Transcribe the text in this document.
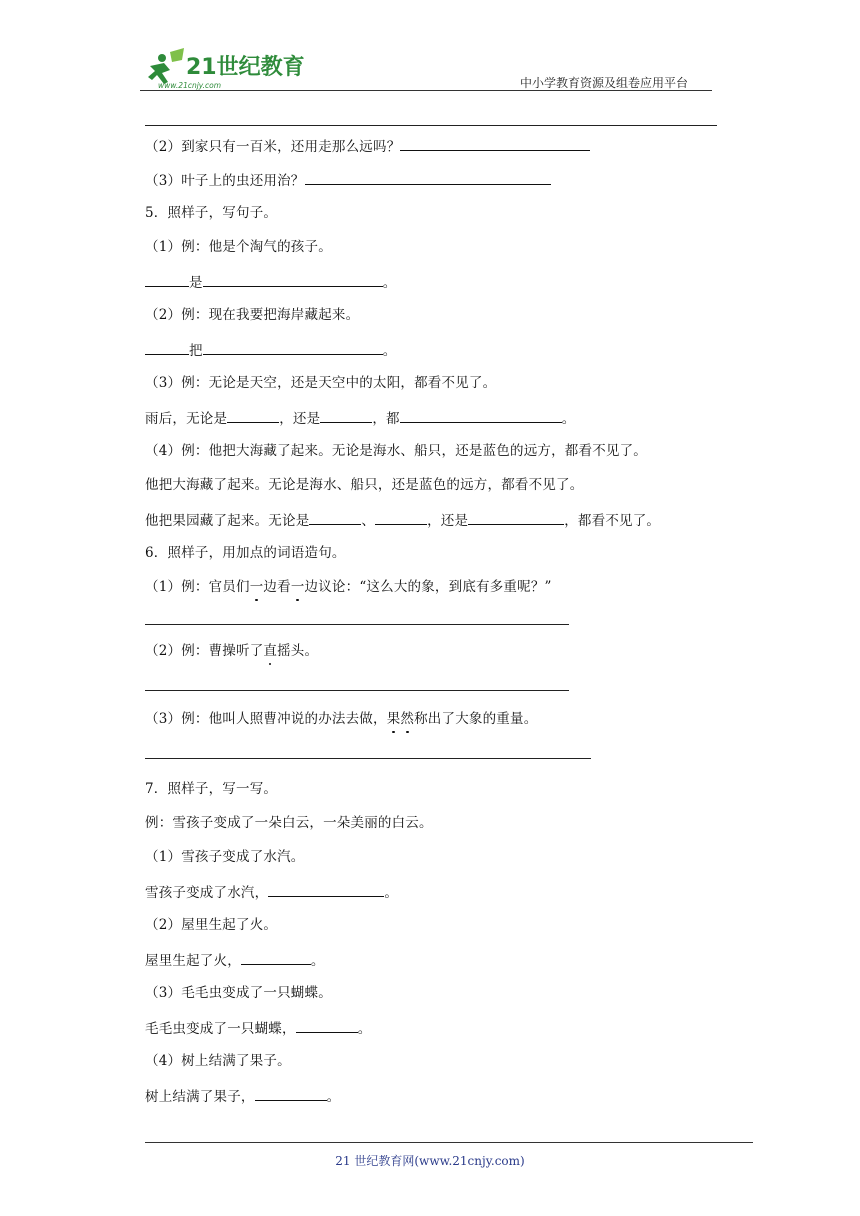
21世纪教育
www.21cnjy.com	中小学教育资源及组卷应用平台
（2）到家只有一百米，还用走那么远吗？
（3）叶子上的虫还用治？
5．照样子，写句子。
（1）例：他是个淘气的孩子。
是	。
（2）例：现在我要把海岸藏起来。
把	。
（3）例：无论是天空，还是天空中的太阳，都看不见了。
雨后，无论是	，还是	，都	。
（4）例：他把大海藏了起来。无论是海水、船只，还是蓝色的远方，都看不见了。
他把大海藏了起来。无论是海水、船只，还是蓝色的远方，都看不见了。
他把果园藏了起来。无论是	、	，还是	，都看不见了。
6．照样子，用加点的词语造句。
（1）例：官员们一边看一边议论：“这么大的象，到底有多重呢？”
（2）例：曹操听了直摇头。
（3）例：他叫人照曹冲说的办法去做，果然称出了大象的重量。
7．照样子，写一写。
例：雪孩子变成了一朵白云，一朵美丽的白云。
（1）雪孩子变成了水汽。
雪孩子变成了水汽，	。
（2）屋里生起了火。
屋里生起了火，	。
（3）毛毛虫变成了一只蝴蝶。
毛毛虫变成了一只蝴蝶，	。
（4）树上结满了果子。
树上结满了果子，	。
21 世纪教育网(www.21cnjy.com)
